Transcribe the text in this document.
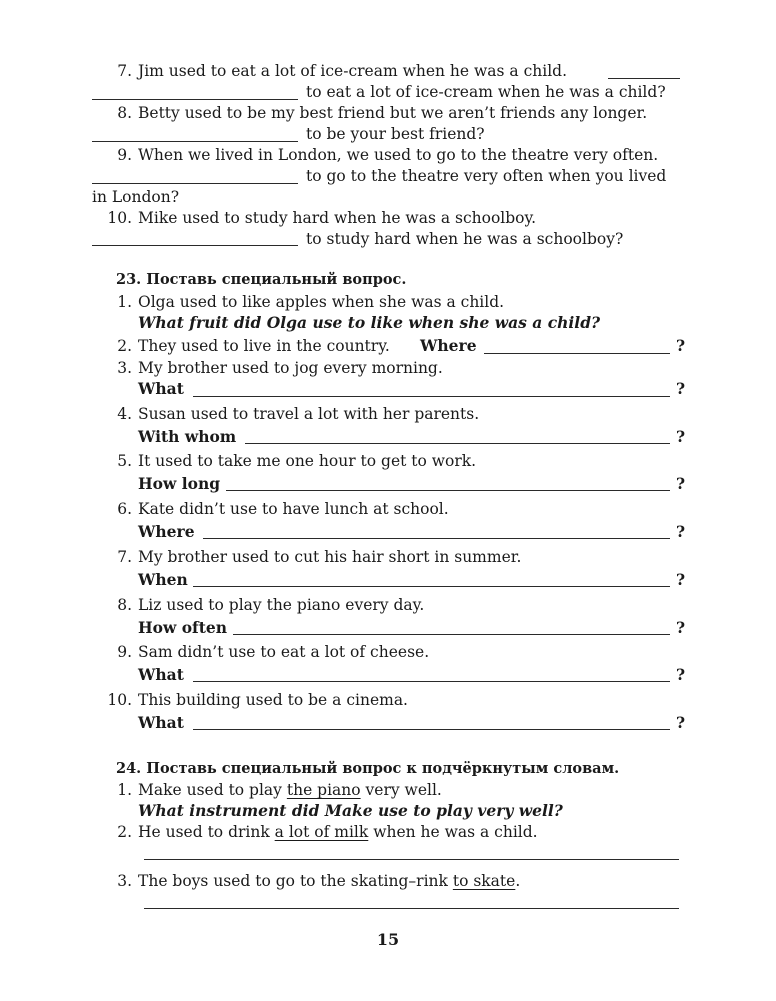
7. Jim used to eat a lot of ice-cream when he was a child.
to eat a lot of ice-cream when he was a child?
8. Betty used to be my best friend but we aren’t friends any longer.
to be your best friend?
9. When we lived in London, we used to go to the theatre very often.
to go to the theatre very often when you lived
in London?
10. Mike used to study hard when he was a schoolboy.
to study hard when he was a schoolboy?
23. Поставь специальный вопрос.
1. Olga used to like apples when she was a child.
What fruit did Olga use to like when she was a child?
2. They used to live in the country. Where	?
3. My brother used to jog every morning.
What	?
4. Susan used to travel a lot with her parents.
With whom	?
5. It used to take me one hour to get to work.
How long	?
6. Kate didn’t use to have lunch at school.
Where	?
7. My brother used to cut his hair short in summer.
When	?
8. Liz used to play the piano every day.
How often	?
9. Sam didn’t use to eat a lot of cheese.
What	?
10. This building used to be a cinema.
What	?
24. Поставь специальный вопрос к подчёркнутым словам.
1. Make used to play the piano very well.
What instrument did Make use to play very well?
2. He used to drink a lot of milk when he was a child.
3. The boys used to go to the skating–rink to skate.
15
